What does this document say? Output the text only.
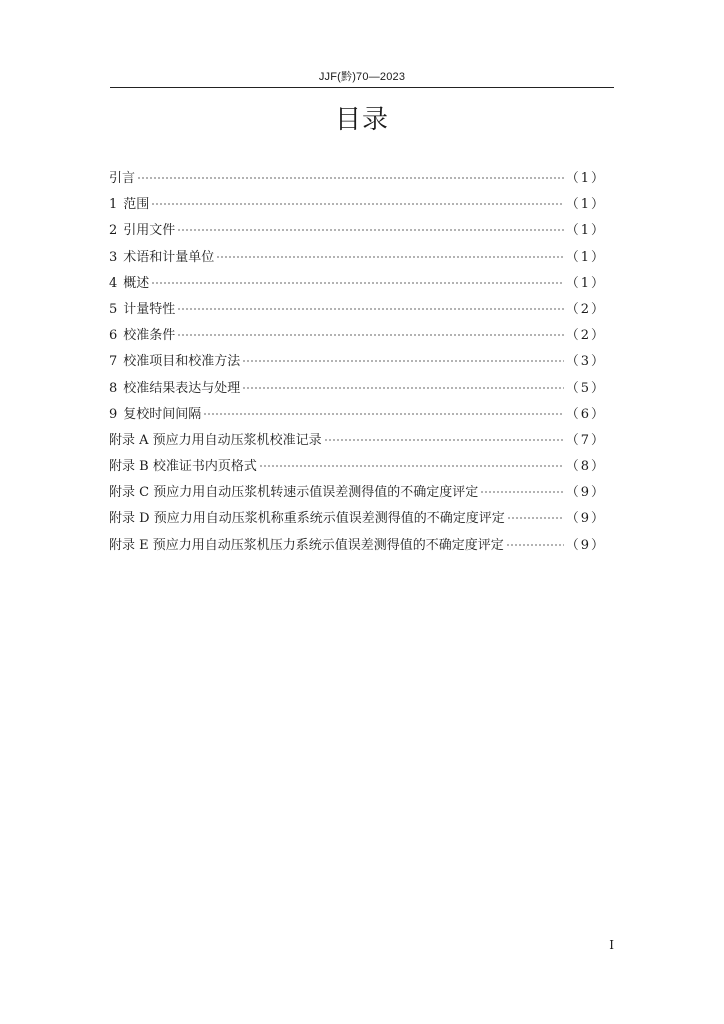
JJF(黔)70—2023
目录
引言	（1）
1 范围	（1）
2 引用文件	（1）
3 术语和计量单位	（1）
4 概述	（1）
5 计量特性	（2）
6 校准条件	（2）
7 校准项目和校准方法	（3）
8 校准结果表达与处理	（5）
9 复校时间间隔	（6）
附录 A 预应力用自动压浆机校准记录	（7）
附录 B 校准证书内页格式	（8）
附录 C 预应力用自动压浆机转速示值误差测得值的不确定度评定	（9）
附录 D 预应力用自动压浆机称重系统示值误差测得值的不确定度评定	（9）
附录 E 预应力用自动压浆机压力系统示值误差测得值的不确定度评定	（9）
I
